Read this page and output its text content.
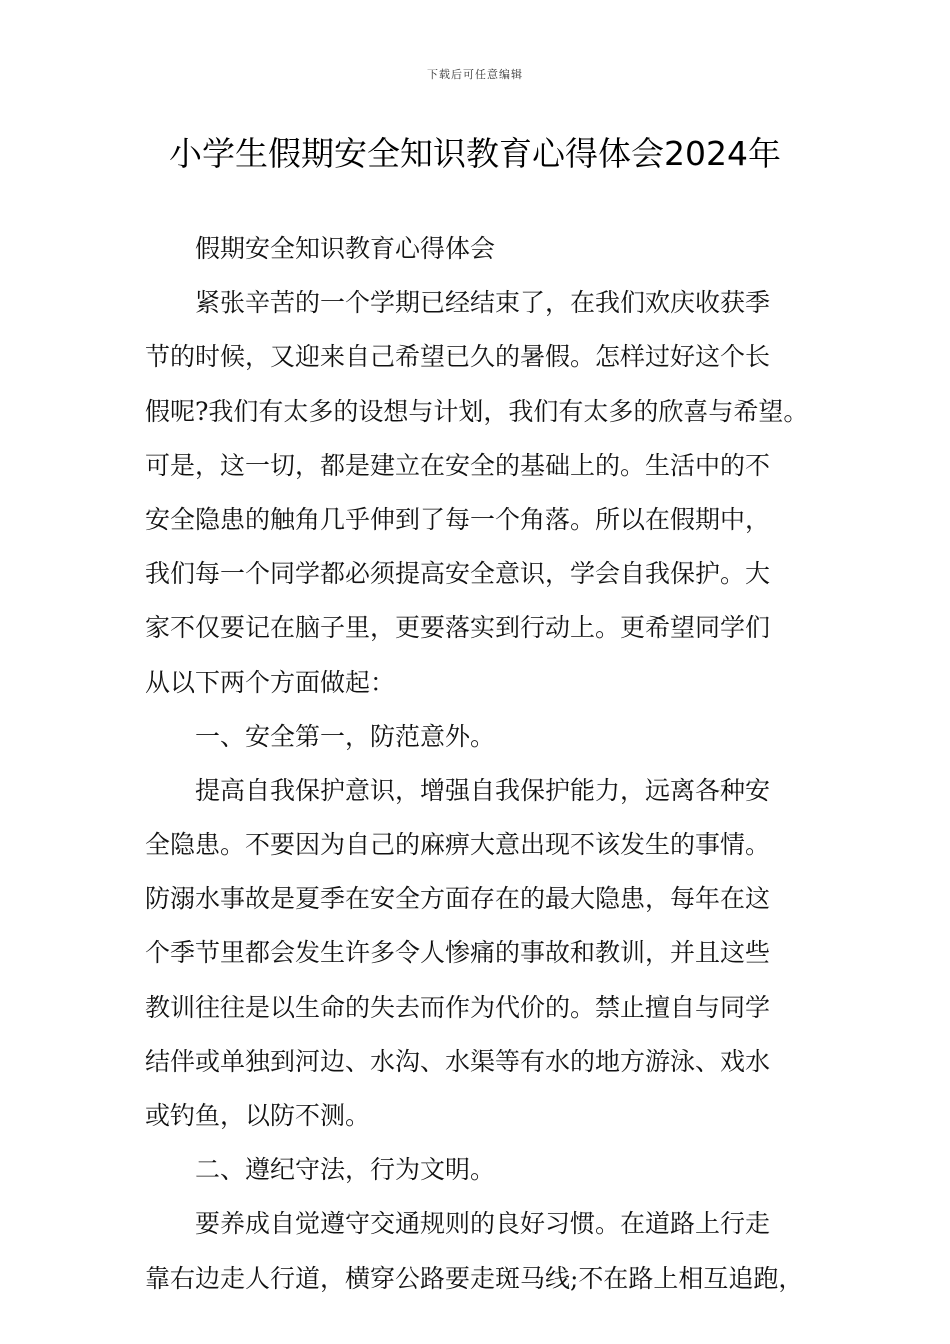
下载后可任意编辑
小学生假期安全知识教育心得体会2024年
　　假期安全知识教育心得体会
　　紧张辛苦的一个学期已经结束了，在我们欢庆收获季
节的时候，又迎来自己希望已久的暑假。怎样过好这个长
假呢?我们有太多的设想与计划，我们有太多的欣喜与希望。
可是，这一切，都是建立在安全的基础上的。生活中的不
安全隐患的触角几乎伸到了每一个角落。所以在假期中，
我们每一个同学都必须提高安全意识，学会自我保护。大
家不仅要记在脑子里，更要落实到行动上。更希望同学们
从以下两个方面做起：
　　一、安全第一，防范意外。
　　提高自我保护意识，增强自我保护能力，远离各种安
全隐患。不要因为自己的麻痹大意出现不该发生的事情。
防溺水事故是夏季在安全方面存在的最大隐患，每年在这
个季节里都会发生许多令人惨痛的事故和教训，并且这些
教训往往是以生命的失去而作为代价的。禁止擅自与同学
结伴或单独到河边、水沟、水渠等有水的地方游泳、戏水
或钓鱼，以防不测。
　　二、遵纪守法，行为文明。
　　要养成自觉遵守交通规则的良好习惯。在道路上行走
靠右边走人行道，横穿公路要走斑马线;不在路上相互追跑，
